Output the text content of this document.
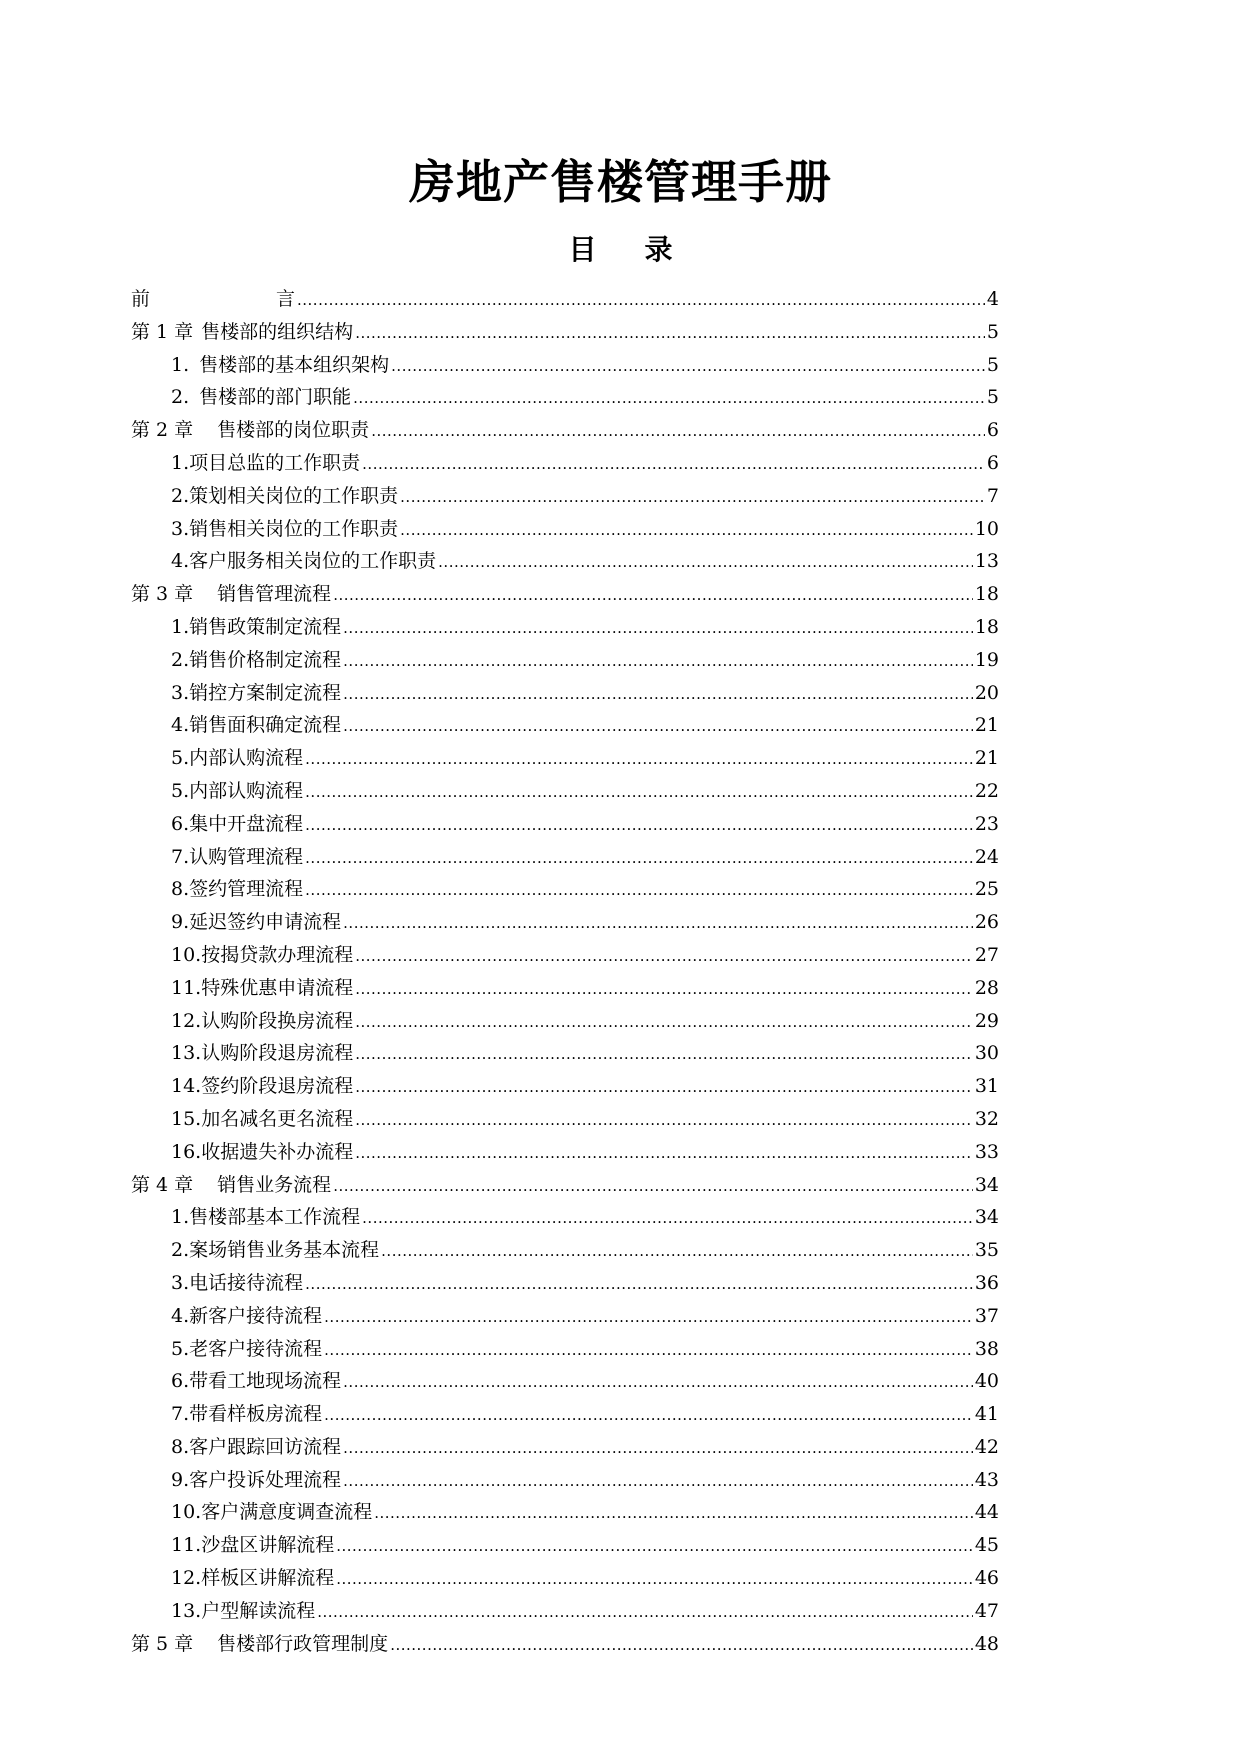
房地产售楼管理手册
目 录
前	言 .....	4
第 1 章 售楼部的组织结构 .....	5
1. 售楼部的基本组织架构 .....	5
2. 售楼部的部门职能 .....	5
第 2 章 售楼部的岗位职责 .....	6
1.项目总监的工作职责 .....	6
2.策划相关岗位的工作职责 .....	7
3.销售相关岗位的工作职责 .....	10
4.客户服务相关岗位的工作职责 .....	13
第 3 章 销售管理流程 .....	18
1.销售政策制定流程 .....	18
2.销售价格制定流程 .....	19
3.销控方案制定流程 .....	20
4.销售面积确定流程 .....	21
5.内部认购流程 .....	21
5.内部认购流程 .....	22
6.集中开盘流程 .....	23
7.认购管理流程 .....	24
8.签约管理流程 .....	25
9.延迟签约申请流程 .....	26
10.按揭贷款办理流程 .....	27
11.特殊优惠申请流程 .....	28
12.认购阶段换房流程 .....	29
13.认购阶段退房流程 .....	30
14.签约阶段退房流程 .....	31
15.加名减名更名流程 .....	32
16.收据遗失补办流程 .....	33
第 4 章 销售业务流程 .....	34
1.售楼部基本工作流程 .....	34
2.案场销售业务基本流程 .....	35
3.电话接待流程 .....	36
4.新客户接待流程 .....	37
5.老客户接待流程 .....	38
6.带看工地现场流程 .....	40
7.带看样板房流程 .....	41
8.客户跟踪回访流程 .....	42
9.客户投诉处理流程 .....	43
10.客户满意度调查流程 .....	44
11.沙盘区讲解流程 .....	45
12.样板区讲解流程 .....	46
13.户型解读流程 .....	47
第 5 章 售楼部行政管理制度 .....	48
